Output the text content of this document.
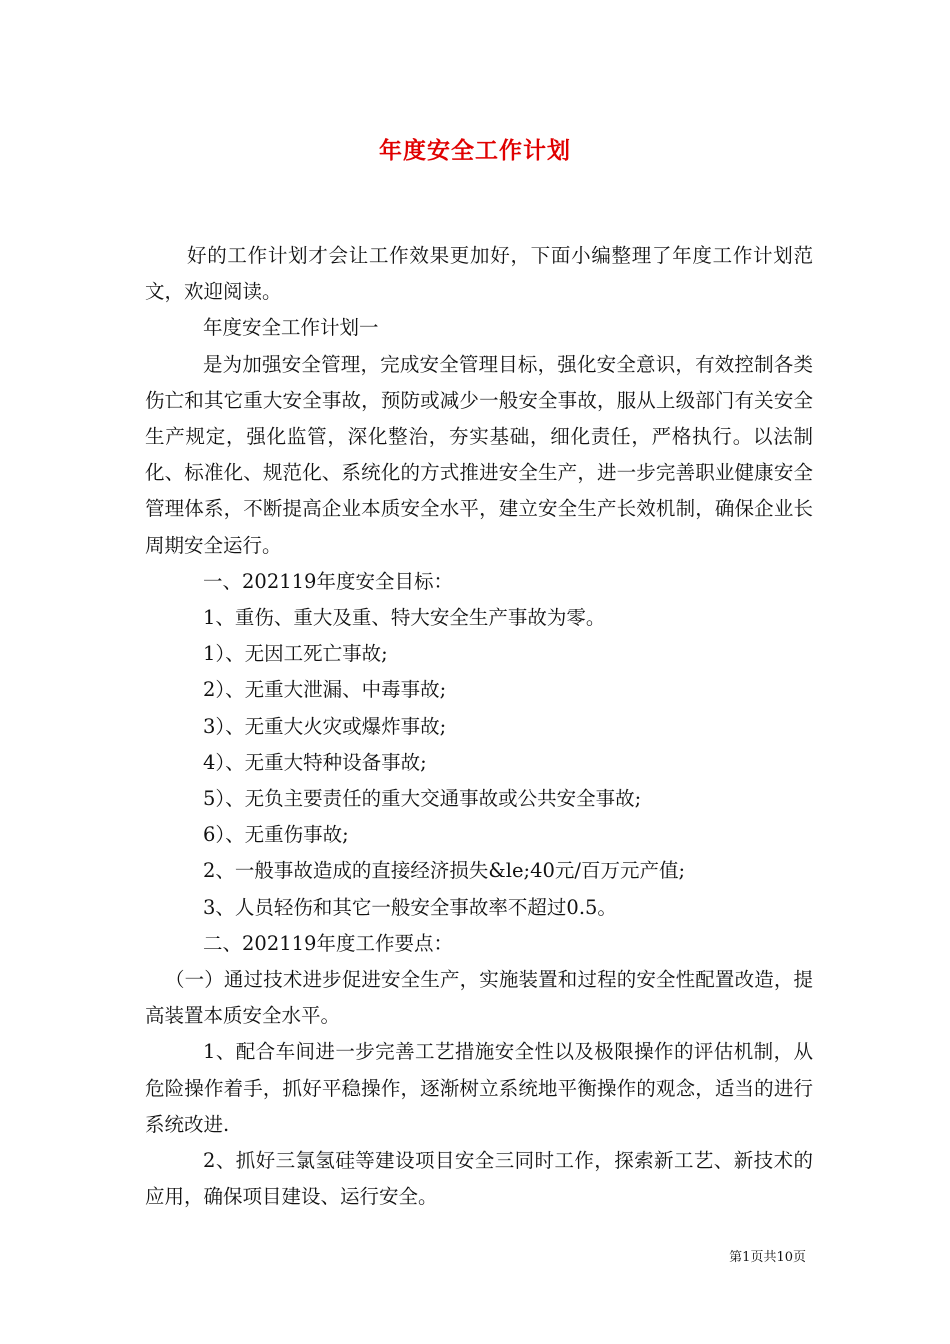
年度安全工作计划

好的工作计划才会让工作效果更加好，下面小编整理了年度工作计划范文，欢迎阅读。

年度安全工作计划一

是为加强安全管理，完成安全管理目标，强化安全意识，有效控制各类伤亡和其它重大安全事故，预防或减少一般安全事故，服从上级部门有关安全生产规定，强化监管，深化整治，夯实基础，细化责任，严格执行。以法制化、标准化、规范化、系统化的方式推进安全生产，进一步完善职业健康安全管理体系，不断提高企业本质安全水平，建立安全生产长效机制，确保企业长周期安全运行。

一、202119年度安全目标：

1、重伤、重大及重、特大安全生产事故为零。

1）、无因工死亡事故;

2）、无重大泄漏、中毒事故;

3）、无重大火灾或爆炸事故;

4）、无重大特种设备事故;

5）、无负主要责任的重大交通事故或公共安全事故;

6）、无重伤事故;

2、一般事故造成的直接经济损失&le;40元/百万元产值;

3、人员轻伤和其它一般安全事故率不超过0.5。

二、202119年度工作要点：

（一）通过技术进步促进安全生产，实施装置和过程的安全性配置改造，提高装置本质安全水平。

1、配合车间进一步完善工艺措施安全性以及极限操作的评估机制，从危险操作着手，抓好平稳操作，逐渐树立系统地平衡操作的观念，适当的进行系统改进.

2、抓好三氯氢硅等建设项目安全三同时工作，探索新工艺、新技术的应用，确保项目建设、运行安全。

第1页共10页
